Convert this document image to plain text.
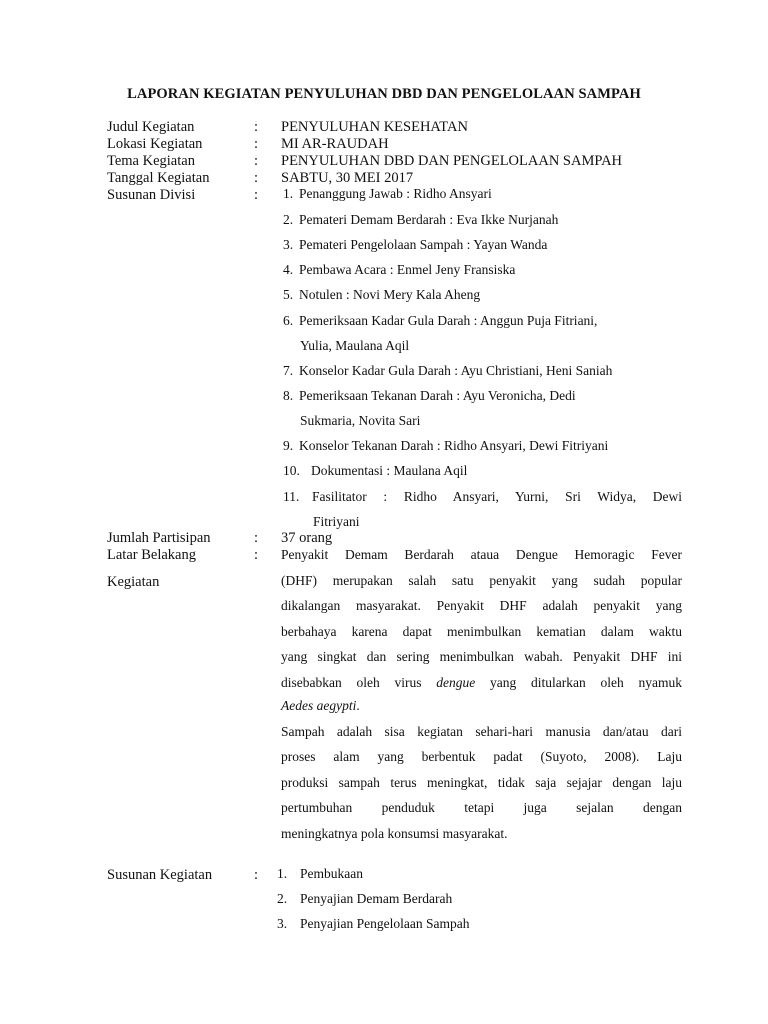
LAPORAN KEGIATAN PENYULUHAN DBD DAN PENGELOLAAN SAMPAH
Judul Kegiatan	: PENYULUHAN KESEHATAN
Lokasi Kegiatan	: MI AR-RAUDAH
Tema Kegiatan	: PENYULUHAN DBD DAN PENGELOLAAN SAMPAH
Tanggal Kegiatan	: SABTU, 30 MEI 2017
Susunan Divisi	: 1. Penanggung Jawab : Ridho Ansyari
2. Pemateri Demam Berdarah : Eva Ikke Nurjanah
3. Pemateri Pengelolaan Sampah : Yayan Wanda
4. Pembawa Acara : Enmel Jeny Fransiska
5. Notulen : Novi Mery Kala Aheng
6. Pemeriksaan Kadar Gula Darah : Anggun Puja Fitriani,
Yulia, Maulana Aqil
7. Konselor Kadar Gula Darah : Ayu Christiani, Heni Saniah
8. Pemeriksaan Tekanan Darah : Ayu Veronicha, Dedi
Sukmaria, Novita Sari
9. Konselor Tekanan Darah : Ridho Ansyari, Dewi Fitriyani
10. Dokumentasi : Maulana Aqil
11. Fasilitator : Ridho Ansyari, Yurni, Sri Widya, Dewi
Fitriyani
Jumlah Partisipan	: 37 orang
Latar Belakang	:
Kegiatan
Penyakit Demam Berdarah ataua Dengue Hemoragic Fever
(DHF) merupakan salah satu penyakit yang sudah popular
dikalangan masyarakat. Penyakit DHF adalah penyakit yang
berbahaya karena dapat menimbulkan kematian dalam waktu
yang singkat dan sering menimbulkan wabah. Penyakit DHF ini
disebabkan oleh virus dengue yang ditularkan oleh nyamuk
Aedes aegypti.
Sampah adalah sisa kegiatan sehari-hari manusia dan/atau dari
proses alam yang berbentuk padat (Suyoto, 2008). Laju
produksi sampah terus meningkat, tidak saja sejajar dengan laju
pertumbuhan penduduk tetapi juga sejalan dengan
meningkatnya pola konsumsi masyarakat.
Susunan Kegiatan	: 1. Pembukaan
2. Penyajian Demam Berdarah
3. Penyajian Pengelolaan Sampah
